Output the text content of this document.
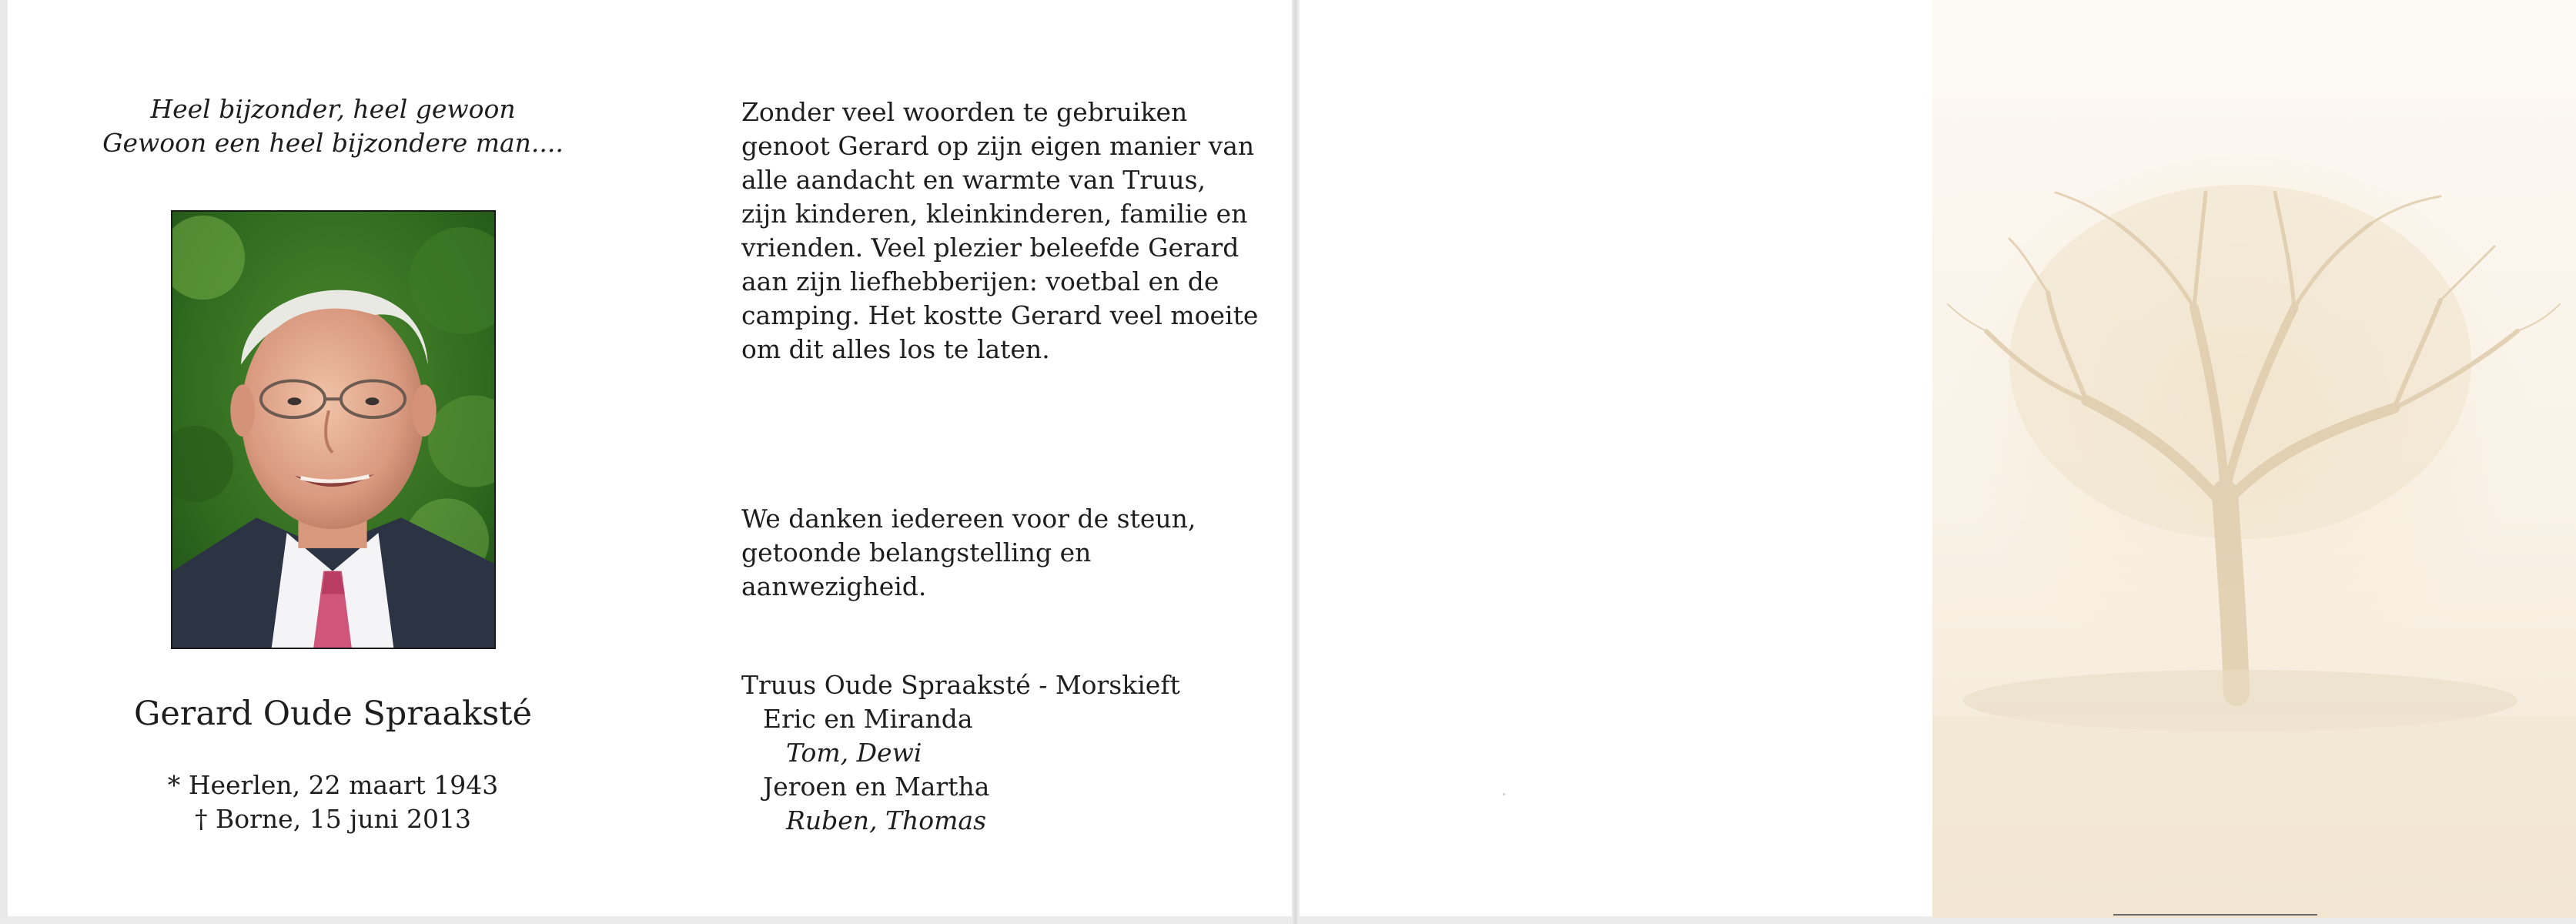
Heel bijzonder, heel gewoon
Gewoon een heel bijzondere man....
Gerard Oude Spraaksté
* Heerlen, 22 maart 1943
† Borne, 15 juni 2013
Zonder veel woorden te gebruiken
genoot Gerard op zijn eigen manier van
alle aandacht en warmte van Truus,
zijn kinderen, kleinkinderen, familie en
vrienden. Veel plezier beleefde Gerard
aan zijn liefhebberijen: voetbal en de
camping. Het kostte Gerard veel moeite
om dit alles los te laten.
We danken iedereen voor de steun,
getoonde belangstelling en
aanwezigheid.
Truus Oude Spraaksté - Morskieft
Eric en Miranda
Tom, Dewi
Jeroen en Martha
Ruben, Thomas
